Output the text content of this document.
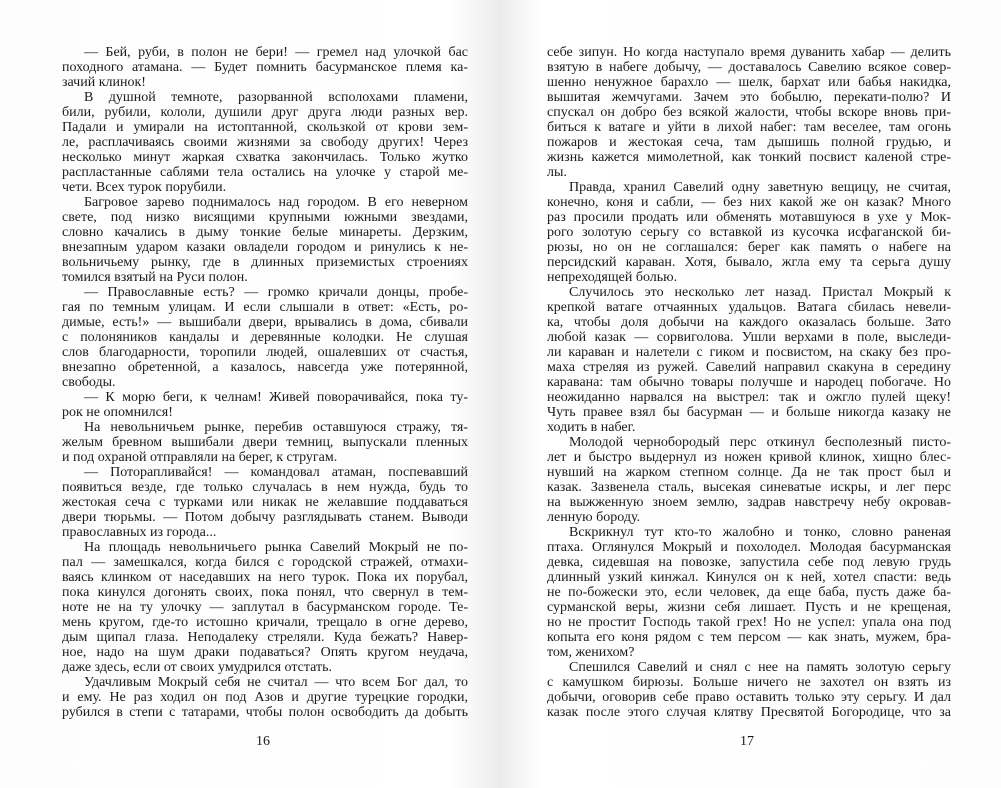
— Бей, руби, в полон не бери! — гремел над улочкой бас
походного атамана. — Будет помнить басурманское племя ка-
зачий клинок!
В душной темноте, разорванной всполохами пламени,
били, рубили, кололи, душили друг друга люди разных вер.
Падали и умирали на истоптанной, скользкой от крови зем-
ле, расплачиваясь своими жизнями за свободу других! Через
несколько минут жаркая схватка закончилась. Только жутко
распластанные саблями тела остались на улочке у старой ме-
чети. Всех турок порубили.
Багровое зарево поднималось над городом. В его неверном
свете, под низко висящими крупными южными звездами,
словно качались в дыму тонкие белые минареты. Дерзким,
внезапным ударом казаки овладели городом и ринулись к не-
вольничьему рынку, где в длинных приземистых строениях
томился взятый на Руси полон.
— Православные есть? — громко кричали донцы, пробе-
гая по темным улицам. И если слышали в ответ: «Есть, ро-
димые, есть!» — вышибали двери, врывались в дома, сбивали
с полоняников кандалы и деревянные колодки. Не слушая
слов благодарности, торопили людей, ошалевших от счастья,
внезапно обретенной, а казалось, навсегда уже потерянной,
свободы.
— К морю беги, к челнам! Живей поворачивайся, пока ту-
рок не опомнился!
На невольничьем рынке, перебив оставшуюся стражу, тя-
желым бревном вышибали двери темниц, выпускали пленных
и под охраной отправляли на берег, к стругам.
— Поторапливайся! — командовал атаман, поспевавший
появиться везде, где только случалась в нем нужда, будь то
жестокая сеча с турками или никак не желавшие поддаваться
двери тюрьмы. — Потом добычу разглядывать станем. Выводи
православных из города...
На площадь невольничьего рынка Савелий Мокрый не по-
пал — замешкался, когда бился с городской стражей, отмахи-
ваясь клинком от наседавших на него турок. Пока их порубал,
пока кинулся догонять своих, пока понял, что свернул в тем-
ноте не на ту улочку — заплутал в басурманском городе. Те-
мень кругом, где-то истошно кричали, трещало в огне дерево,
дым щипал глаза. Неподалеку стреляли. Куда бежать? Навер-
ное, надо на шум драки подаваться? Опять кругом неудача,
даже здесь, если от своих умудрился отстать.
Удачливым Мокрый себя не считал — что всем Бог дал, то
и ему. Не раз ходил он под Азов и другие турецкие городки,
рубился в степи с татарами, чтобы полон освободить да добыть
себе зипун. Но когда наступало время дуванить хабар — делить
взятую в набеге добычу, — доставалось Савелию всякое совер-
шенно ненужное барахло — шелк, бархат или бабья накидка,
вышитая жемчугами. Зачем это бобылю, перекати-полю? И
спускал он добро без всякой жалости, чтобы вскоре вновь при-
биться к ватаге и уйти в лихой набег: там веселее, там огонь
пожаров и жестокая сеча, там дышишь полной грудью, и
жизнь кажется мимолетной, как тонкий посвист каленой стре-
лы.
Правда, хранил Савелий одну заветную вещицу, не считая,
конечно, коня и сабли, — без них какой же он казак? Много
раз просили продать или обменять мотавшуюся в ухе у Мок-
рого золотую серьгу со вставкой из кусочка исфаганской би-
рюзы, но он не соглашался: берег как память о набеге на
персидский караван. Хотя, бывало, жгла ему та серьга душу
непреходящей болью.
Случилось это несколько лет назад. Пристал Мокрый к
крепкой ватаге отчаянных удальцов. Ватага сбилась невели-
ка, чтобы доля добычи на каждого оказалась больше. Зато
любой казак — сорвиголова. Ушли верхами в поле, выследи-
ли караван и налетели с гиком и посвистом, на скаку без про-
маха стреляя из ружей. Савелий направил скакуна в середину
каравана: там обычно товары получше и народец побогаче. Но
неожиданно нарвался на выстрел: так и ожгло пулей щеку!
Чуть правее взял бы басурман — и больше никогда казаку не
ходить в набег.
Молодой чернобородый перс откинул бесполезный писто-
лет и быстро выдернул из ножен кривой клинок, хищно блес-
нувший на жарком степном солнце. Да не так прост был и
казак. Зазвенела сталь, высекая синеватые искры, и лег перс
на выжженную зноем землю, задрав навстречу небу окровав-
ленную бороду.
Вскрикнул тут кто-то жалобно и тонко, словно раненая
птаха. Оглянулся Мокрый и похолодел. Молодая басурманская
девка, сидевшая на повозке, запустила себе под левую грудь
длинный узкий кинжал. Кинулся он к ней, хотел спасти: ведь
не по-божески это, если человек, да еще баба, пусть даже ба-
сурманской веры, жизни себя лишает. Пусть и не крещеная,
но не простит Господь такой грех! Но не успел: упала она под
копыта его коня рядом с тем персом — как знать, мужем, бра-
том, женихом?
Спешился Савелий и снял с нее на память золотую серьгу
с камушком бирюзы. Больше ничего не захотел он взять из
добычи, оговорив себе право оставить только эту серьгу. И дал
казак после этого случая клятву Пресвятой Богородице, что за
16	17
